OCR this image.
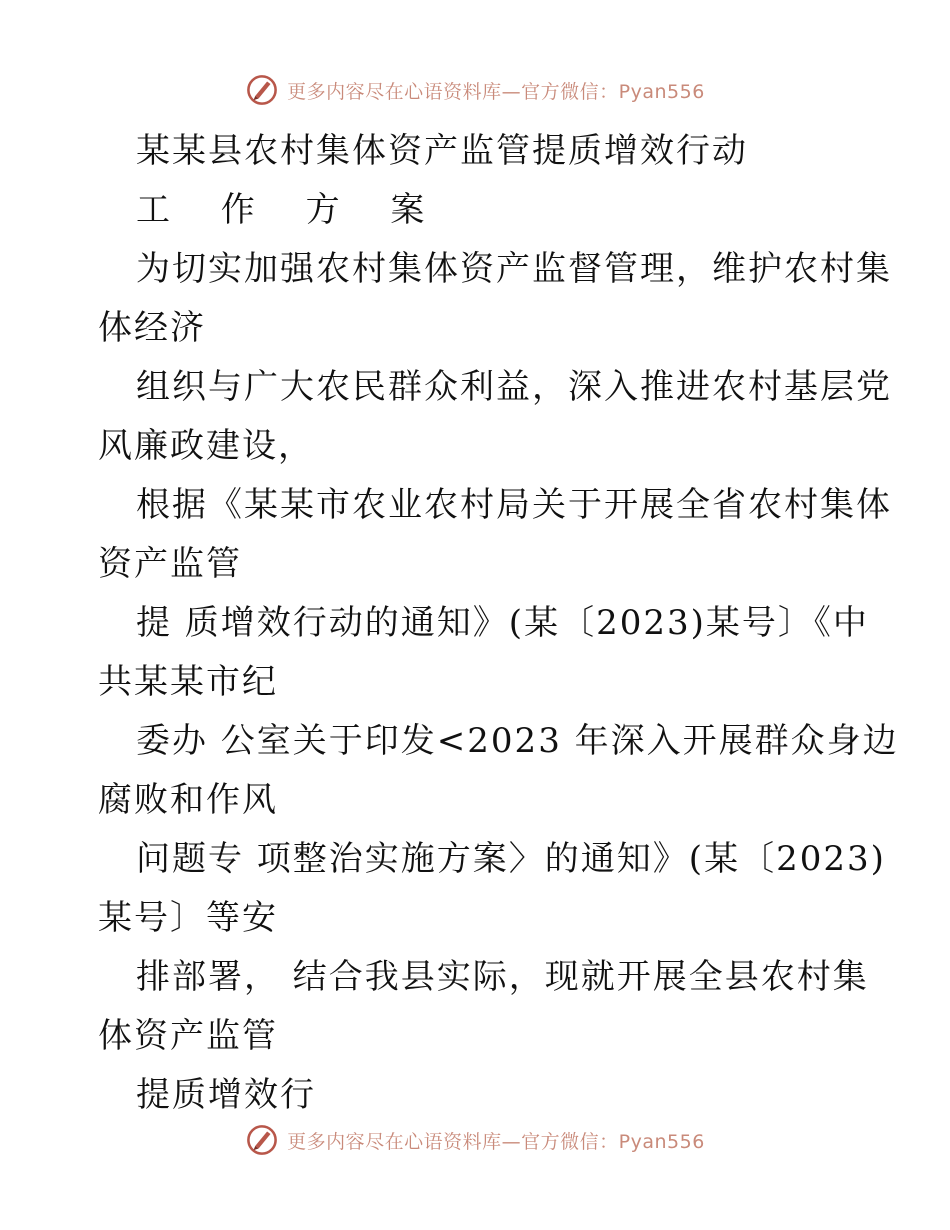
更多内容尽在心语资料库—官方微信：Pyan556
某某县农村集体资产监管提质增效行动
工 作 方 案
为切实加强农村集体资产监督管理，维护农村集
体经济
组织与广大农民群众利益，深入推进农村基层党
风廉政建设，
根据《某某市农业农村局关于开展全省农村集体
资产监管
提 质增效行动的通知》(某〔2023)某号〕《中
共某某市纪
委办 公室关于印发<2023 年深入开展群众身边
腐败和作风
问题专 项整治实施方案〉的通知》(某〔2023)
某号〕等安
排部署， 结合我县实际，现就开展全县农村集
体资产监管
提质增效行
更多内容尽在心语资料库—官方微信：Pyan556
